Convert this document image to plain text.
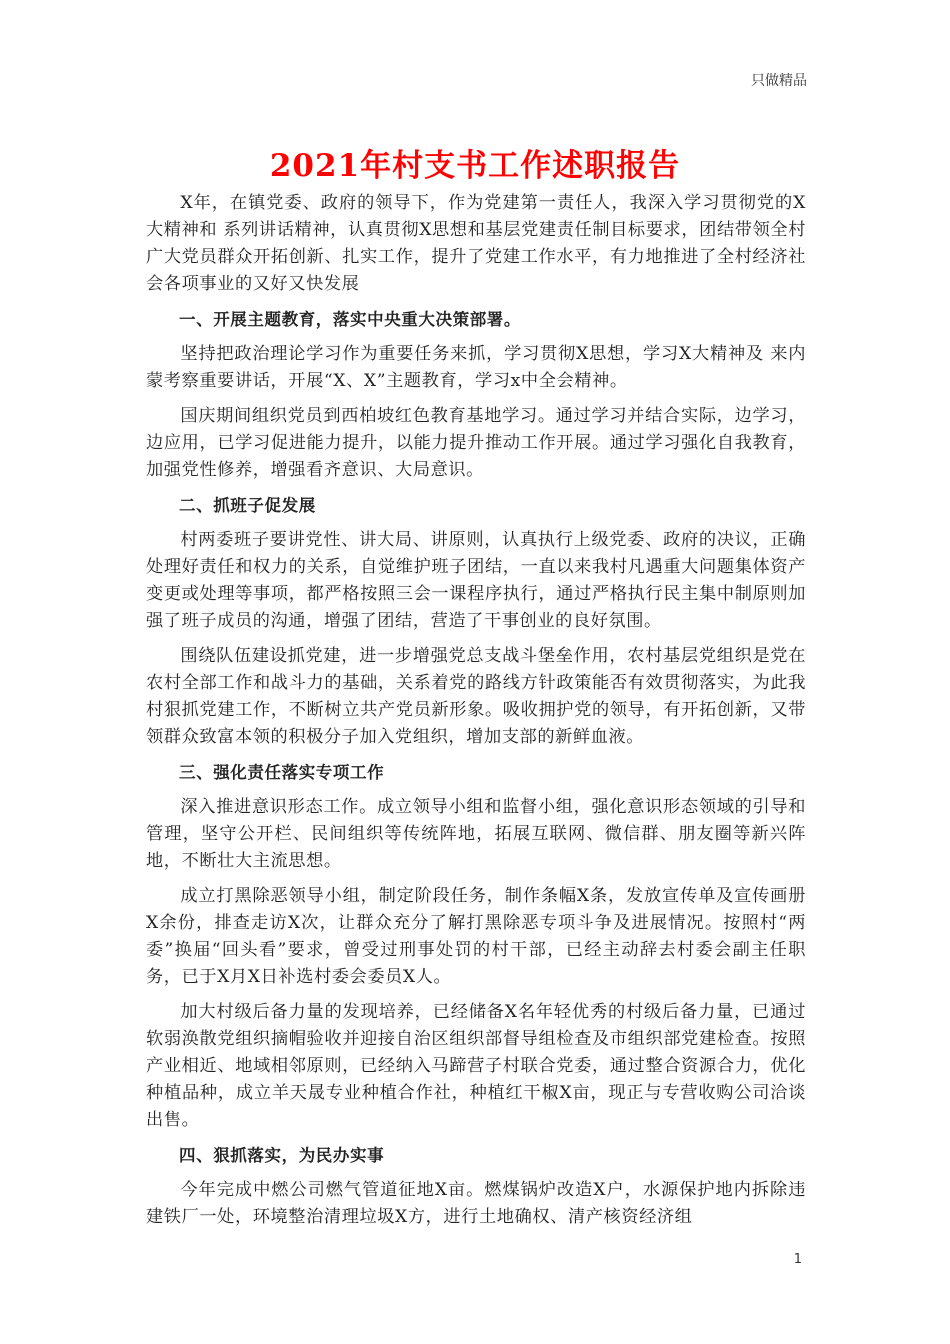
只做精品
2021年村支书工作述职报告

X年，在镇党委、政府的领导下，作为党建第一责任人，我深入学习贯彻党的X大精神和 系列讲话精神，认真贯彻X思想和基层党建责任制目标要求，团结带领全村广大党员群众开拓创新、扎实工作，提升了党建工作水平，有力地推进了全村经济社会各项事业的又好又快发展

一、开展主题教育，落实中央重大决策部署。

坚持把政治理论学习作为重要任务来抓，学习贯彻X思想，学习X大精神及 来内蒙考察重要讲话，开展“X、X”主题教育，学习x中全会精神。

国庆期间组织党员到西柏坡红色教育基地学习。通过学习并结合实际，边学习，边应用，已学习促进能力提升，以能力提升推动工作开展。通过学习强化自我教育，加强党性修养，增强看齐意识、大局意识。

二、抓班子促发展

村两委班子要讲党性、讲大局、讲原则，认真执行上级党委、政府的决议，正确处理好责任和权力的关系，自觉维护班子团结，一直以来我村凡遇重大问题集体资产变更或处理等事项，都严格按照三会一课程序执行，通过严格执行民主集中制原则加强了班子成员的沟通，增强了团结，营造了干事创业的良好氛围。

围绕队伍建设抓党建，进一步增强党总支战斗堡垒作用，农村基层党组织是党在农村全部工作和战斗力的基础，关系着党的路线方针政策能否有效贯彻落实，为此我村狠抓党建工作，不断树立共产党员新形象。吸收拥护党的领导，有开拓创新，又带领群众致富本领的积极分子加入党组织，增加支部的新鲜血液。

三、强化责任落实专项工作

深入推进意识形态工作。成立领导小组和监督小组，强化意识形态领域的引导和管理，坚守公开栏、民间组织等传统阵地，拓展互联网、微信群、朋友圈等新兴阵地，不断壮大主流思想。

成立打黑除恶领导小组，制定阶段任务，制作条幅X条，发放宣传单及宣传画册X余份，排查走访X次，让群众充分了解打黑除恶专项斗争及进展情况。按照村“两委”换届“回头看”要求，曾受过刑事处罚的村干部，已经主动辞去村委会副主任职务，已于X月X日补选村委会委员X人。

加大村级后备力量的发现培养，已经储备X名年轻优秀的村级后备力量，已通过软弱涣散党组织摘帽验收并迎接自治区组织部督导组检查及市组织部党建检查。按照产业相近、地域相邻原则，已经纳入马蹄营子村联合党委，通过整合资源合力，优化种植品种，成立羊天晟专业种植合作社，种植红干椒X亩，现正与专营收购公司洽谈出售。

四、狠抓落实，为民办实事

今年完成中燃公司燃气管道征地X亩。燃煤锅炉改造X户，水源保护地内拆除违建铁厂一处，环境整治清理垃圾X方，进行土地确权、清产核资经济组

1
